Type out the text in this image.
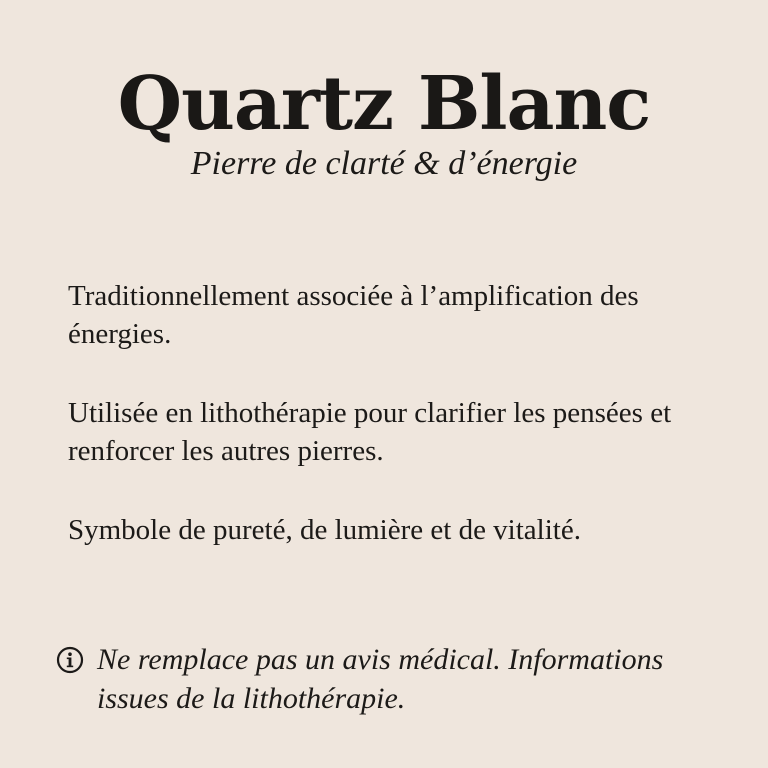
Quartz Blanc
Pierre de clarté & d’énergie

Traditionnellement associée à l’amplification des énergies.

Utilisée en lithothérapie pour clarifier les pensées et renforcer les autres pierres.

Symbole de pureté, de lumière et de vitalité.

Ne remplace pas un avis médical. Informations issues de la lithothérapie.
